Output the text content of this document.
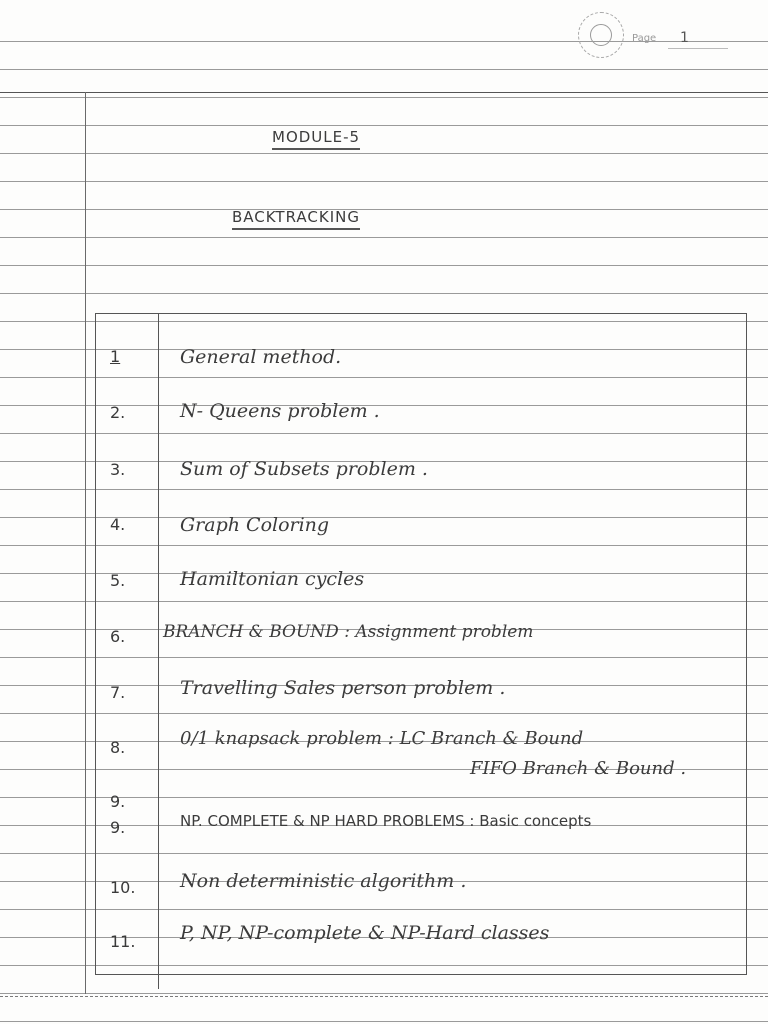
Page 1
MODULE-5
BACKTRACKING
1	General method.
2.	N- Queens problem .
3.	Sum of Subsets problem .
4.	Graph Coloring
5.	Hamiltonian cycles
6.	BRANCH & BOUND : Assignment problem
7.	Travelling Sales person problem .
8.	0/1 knapsack problem : LC Branch & Bound
FIFO Branch & Bound .
9.
9.	NP. COMPLETE & NP HARD PROBLEMS : Basic concepts
10.	Non deterministic algorithm .
11.	P, NP, NP-complete & NP-Hard classes
